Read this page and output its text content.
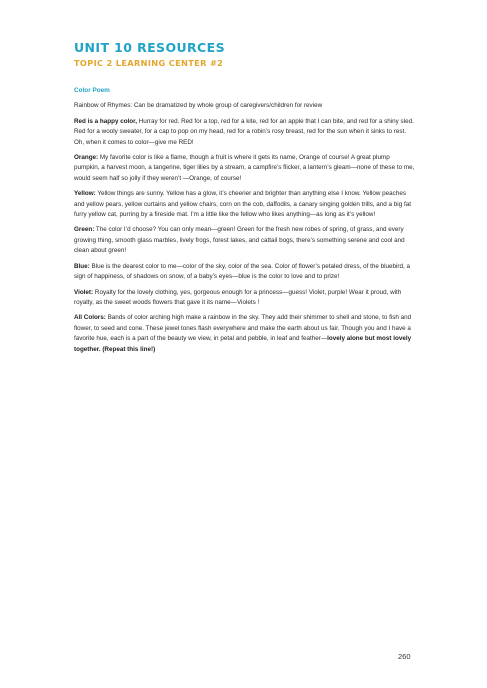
UNIT 10 RESOURCES
TOPIC 2 LEARNING CENTER #2

Color Poem

Rainbow of Rhymes: Can be dramatized by whole group of caregivers/children for review

Red is a happy color, Hurray for red. Red for a top, red for a kite, red for an apple that I can bite, and red for a shiny sled. Red for a wooly sweater, for a cap to pop on my head, red for a robin’s rosy breast, red for the sun when it sinks to rest. Oh, when it comes to color—give me RED!

Orange: My favorite color is like a flame, though a fruit is where it gets its name, Orange of course! A great plump pumpkin, a harvest moon, a tangerine, tiger lilies by a stream, a campfire’s flicker, a lantern’s gleam—none of these to me, would seem half so jolly if they weren’t —Orange, of course!

Yellow: Yellow things are sunny. Yellow has a glow, it’s cheerier and brighter than anything else I know. Yellow peaches and yellow pears, yellow curtains and yellow chairs, corn on the cob, daffodils, a canary singing golden trills, and a big fat furry yellow cat, purring by a fireside mat. I’m a little like the fellow who likes anything—as long as it’s yellow!

Green: The color I’d choose? You can only mean—green! Green for the fresh new robes of spring, of grass, and every growing thing, smooth glass marbles, lively frogs, forest lakes, and cattail bogs, there’s something serene and cool and clean about green!

Blue: Blue is the dearest color to me—color of the sky, color of the sea. Color of flower’s petaled dress, of the bluebird, a sign of happiness, of shadows on snow, of a baby’s eyes—blue is the color to love and to prize!

Violet: Royalty for the lovely clothing, yes, gorgeous enough for a princess—guess! Violet, purple! Wear it proud, with royalty, as the sweet woods flowers that gave it its name—Violets !

All Colors: Bands of color arching high make a rainbow in the sky. They add their shimmer to shell and stone, to fish and flower, to seed and cone. These jewel tones flash everywhere and make the earth about us fair. Though you and I have a favorite hue, each is a part of the beauty we view, in petal and pebble, in leaf and feather—lovely alone but most lovely together. (Repeat this line!)

260
